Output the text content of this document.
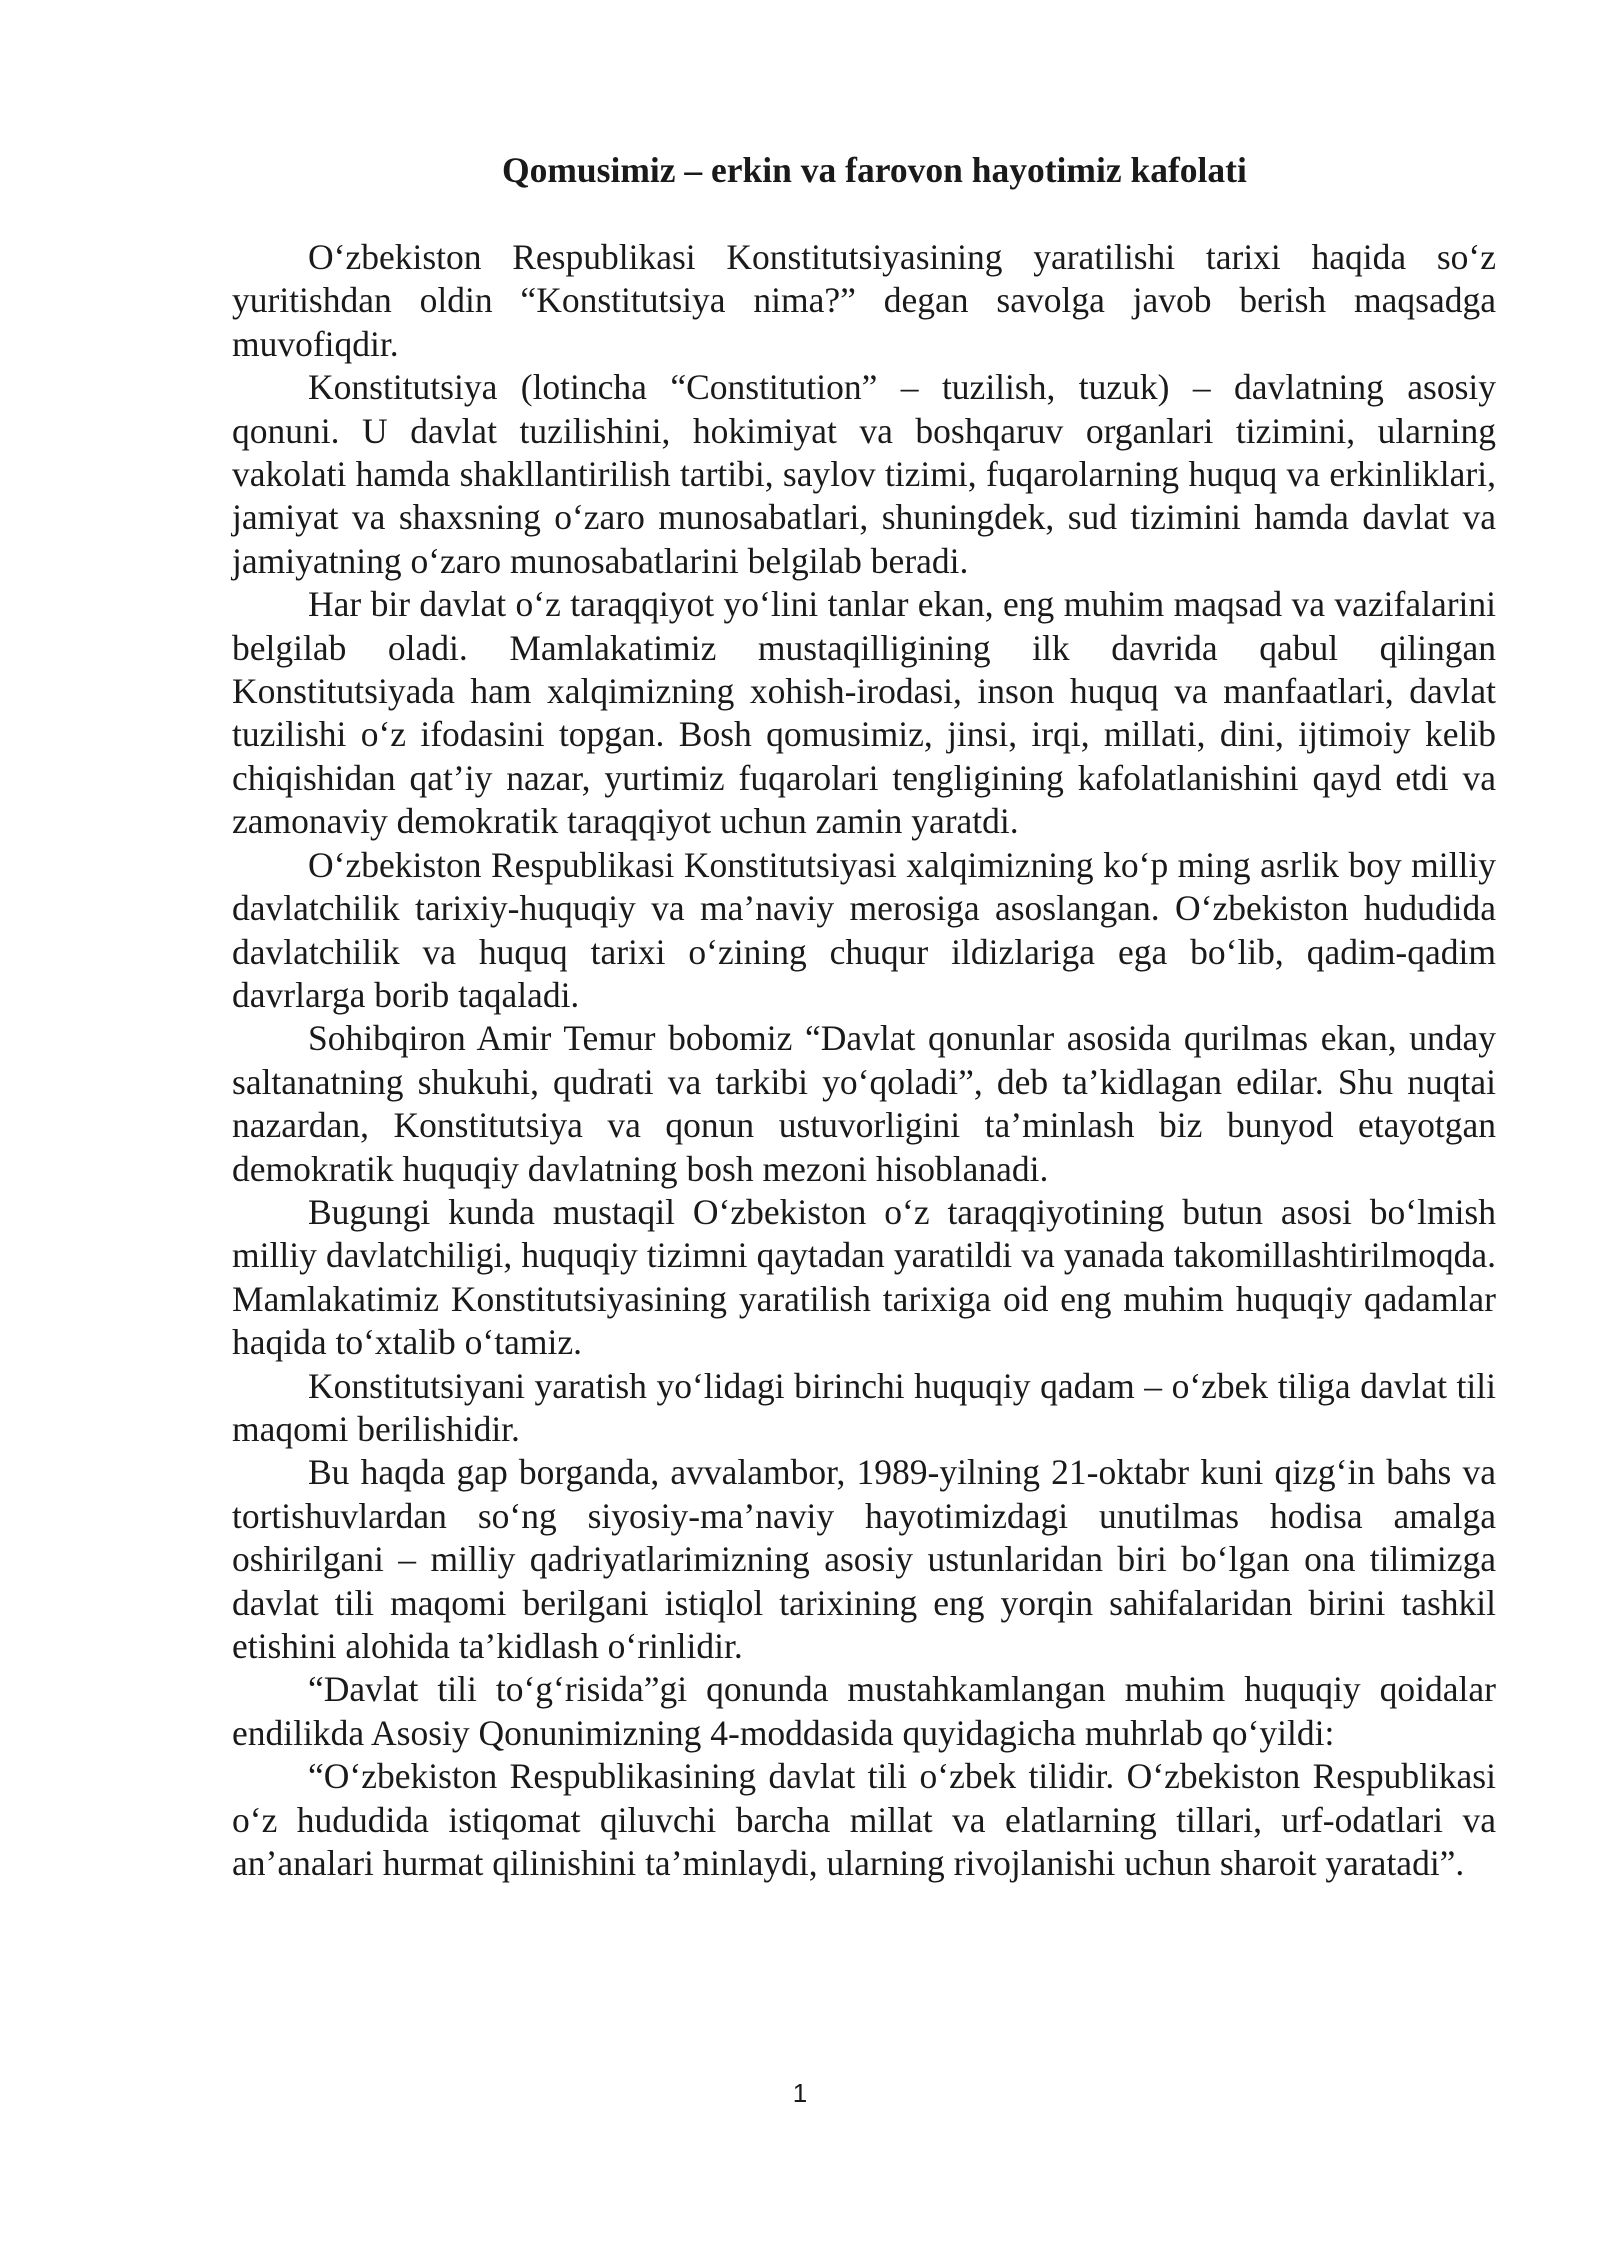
Qomusimiz – erkin va farovon hayotimiz kafolati

O‘zbekiston Respublikasi Konstitutsiyasining yaratilishi tarixi haqida so‘z yuritishdan oldin “Konstitutsiya nima?” degan savolga javob berish maqsadga muvofiqdir.

Konstitutsiya (lotincha “Constitution” – tuzilish, tuzuk) – davlatning asosiy qonuni. U davlat tuzilishini, hokimiyat va boshqaruv organlari tizimini, ularning vakolati hamda shakllantirilish tartibi, saylov tizimi, fuqarolarning huquq va erkinliklari, jamiyat va shaxsning o‘zaro munosabatlari, shuningdek, sud tizimini hamda davlat va jamiyatning o‘zaro munosabatlarini belgilab beradi.

Har bir davlat o‘z taraqqiyot yo‘lini tanlar ekan, eng muhim maqsad va vazifalarini belgilab oladi. Mamlakatimiz mustaqilligining ilk davrida qabul qilingan Konstitutsiyada ham xalqimizning xohish-irodasi, inson huquq va manfaatlari, davlat tuzilishi o‘z ifodasini topgan. Bosh qomusimiz, jinsi, irqi, millati, dini, ijtimoiy kelib chiqishidan qat’iy nazar, yurtimiz fuqarolari tengligining kafolatlanishini qayd etdi va zamonaviy demokratik taraqqiyot uchun zamin yaratdi.

O‘zbekiston Respublikasi Konstitutsiyasi xalqimizning ko‘p ming asrlik boy milliy davlatchilik tarixiy-huquqiy va ma’naviy merosiga asoslangan. O‘zbekiston hududida davlatchilik va huquq tarixi o‘zining chuqur ildizlariga ega bo‘lib, qadim-qadim davrlarga borib taqaladi.

Sohibqiron Amir Temur bobomiz “Davlat qonunlar asosida qurilmas ekan, unday saltanatning shukuhi, qudrati va tarkibi yo‘qoladi”, deb ta’kidlagan edilar. Shu nuqtai nazardan, Konstitutsiya va qonun ustuvorligini ta’minlash biz bunyod etayotgan demokratik huquqiy davlatning bosh mezoni hisoblanadi.

Bugungi kunda mustaqil O‘zbekiston o‘z taraqqiyotining butun asosi bo‘lmish milliy davlatchiligi, huquqiy tizimni qaytadan yaratildi va yanada takomillashtirilmoqda. Mamlakatimiz Konstitutsiyasining yaratilish tarixiga oid eng muhim huquqiy qadamlar haqida to‘xtalib o‘tamiz.

Konstitutsiyani yaratish yo‘lidagi birinchi huquqiy qadam – o‘zbek tiliga davlat tili maqomi berilishidir.

Bu haqda gap borganda, avvalambor, 1989-yilning 21-oktabr kuni qizg‘in bahs va tortishuvlardan so‘ng siyosiy-ma’naviy hayotimizdagi unutilmas hodisa amalga oshirilgani – milliy qadriyatlarimizning asosiy ustunlaridan biri bo‘lgan ona tilimizga davlat tili maqomi berilgani istiqlol tarixining eng yorqin sahifalaridan birini tashkil etishini alohida ta’kidlash o‘rinlidir.

“Davlat tili to‘g‘risida”gi qonunda mustahkamlangan muhim huquqiy qoidalar endilikda Asosiy Qonunimizning 4-moddasida quyidagicha muhrlab qo‘yildi:

“O‘zbekiston Respublikasining davlat tili o‘zbek tilidir. O‘zbekiston Respublikasi o‘z hududida istiqomat qiluvchi barcha millat va elatlarning tillari, urf-odatlari va an’analari hurmat qilinishini ta’minlaydi, ularning rivojlanishi uchun sharoit yaratadi”.

1
